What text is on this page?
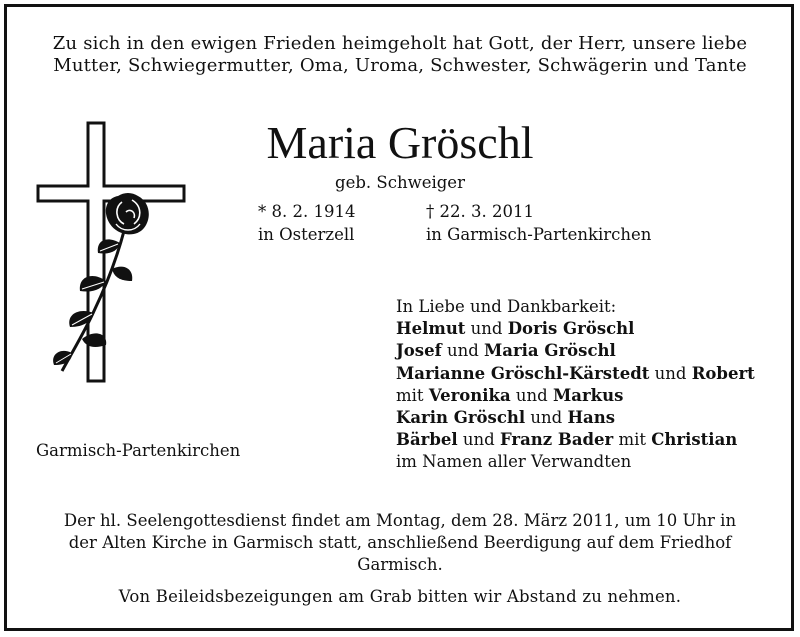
Zu sich in den ewigen Frieden heimgeholt hat Gott, der Herr, unsere liebe
Mutter, Schwiegermutter, Oma, Uroma, Schwester, Schwägerin und Tante
Maria Gröschl
geb. Schweiger
* 8. 2. 1914
in Osterzell
† 22. 3. 2011
in Garmisch-Partenkirchen
In Liebe und Dankbarkeit:
Helmut und Doris Gröschl
Josef und Maria Gröschl
Marianne Gröschl-Kärstedt und Robert
mit Veronika und Markus
Karin Gröschl und Hans
Bärbel und Franz Bader mit Christian
im Namen aller Verwandten
Garmisch-Partenkirchen

Der hl. Seelengottesdienst findet am Montag, dem 28. März 2011, um 10 Uhr in

der Alten Kirche in Garmisch statt, anschließend Beerdigung auf dem Friedhof

Garmisch.

Von Beileidsbezeigungen am Grab bitten wir Abstand zu nehmen.
